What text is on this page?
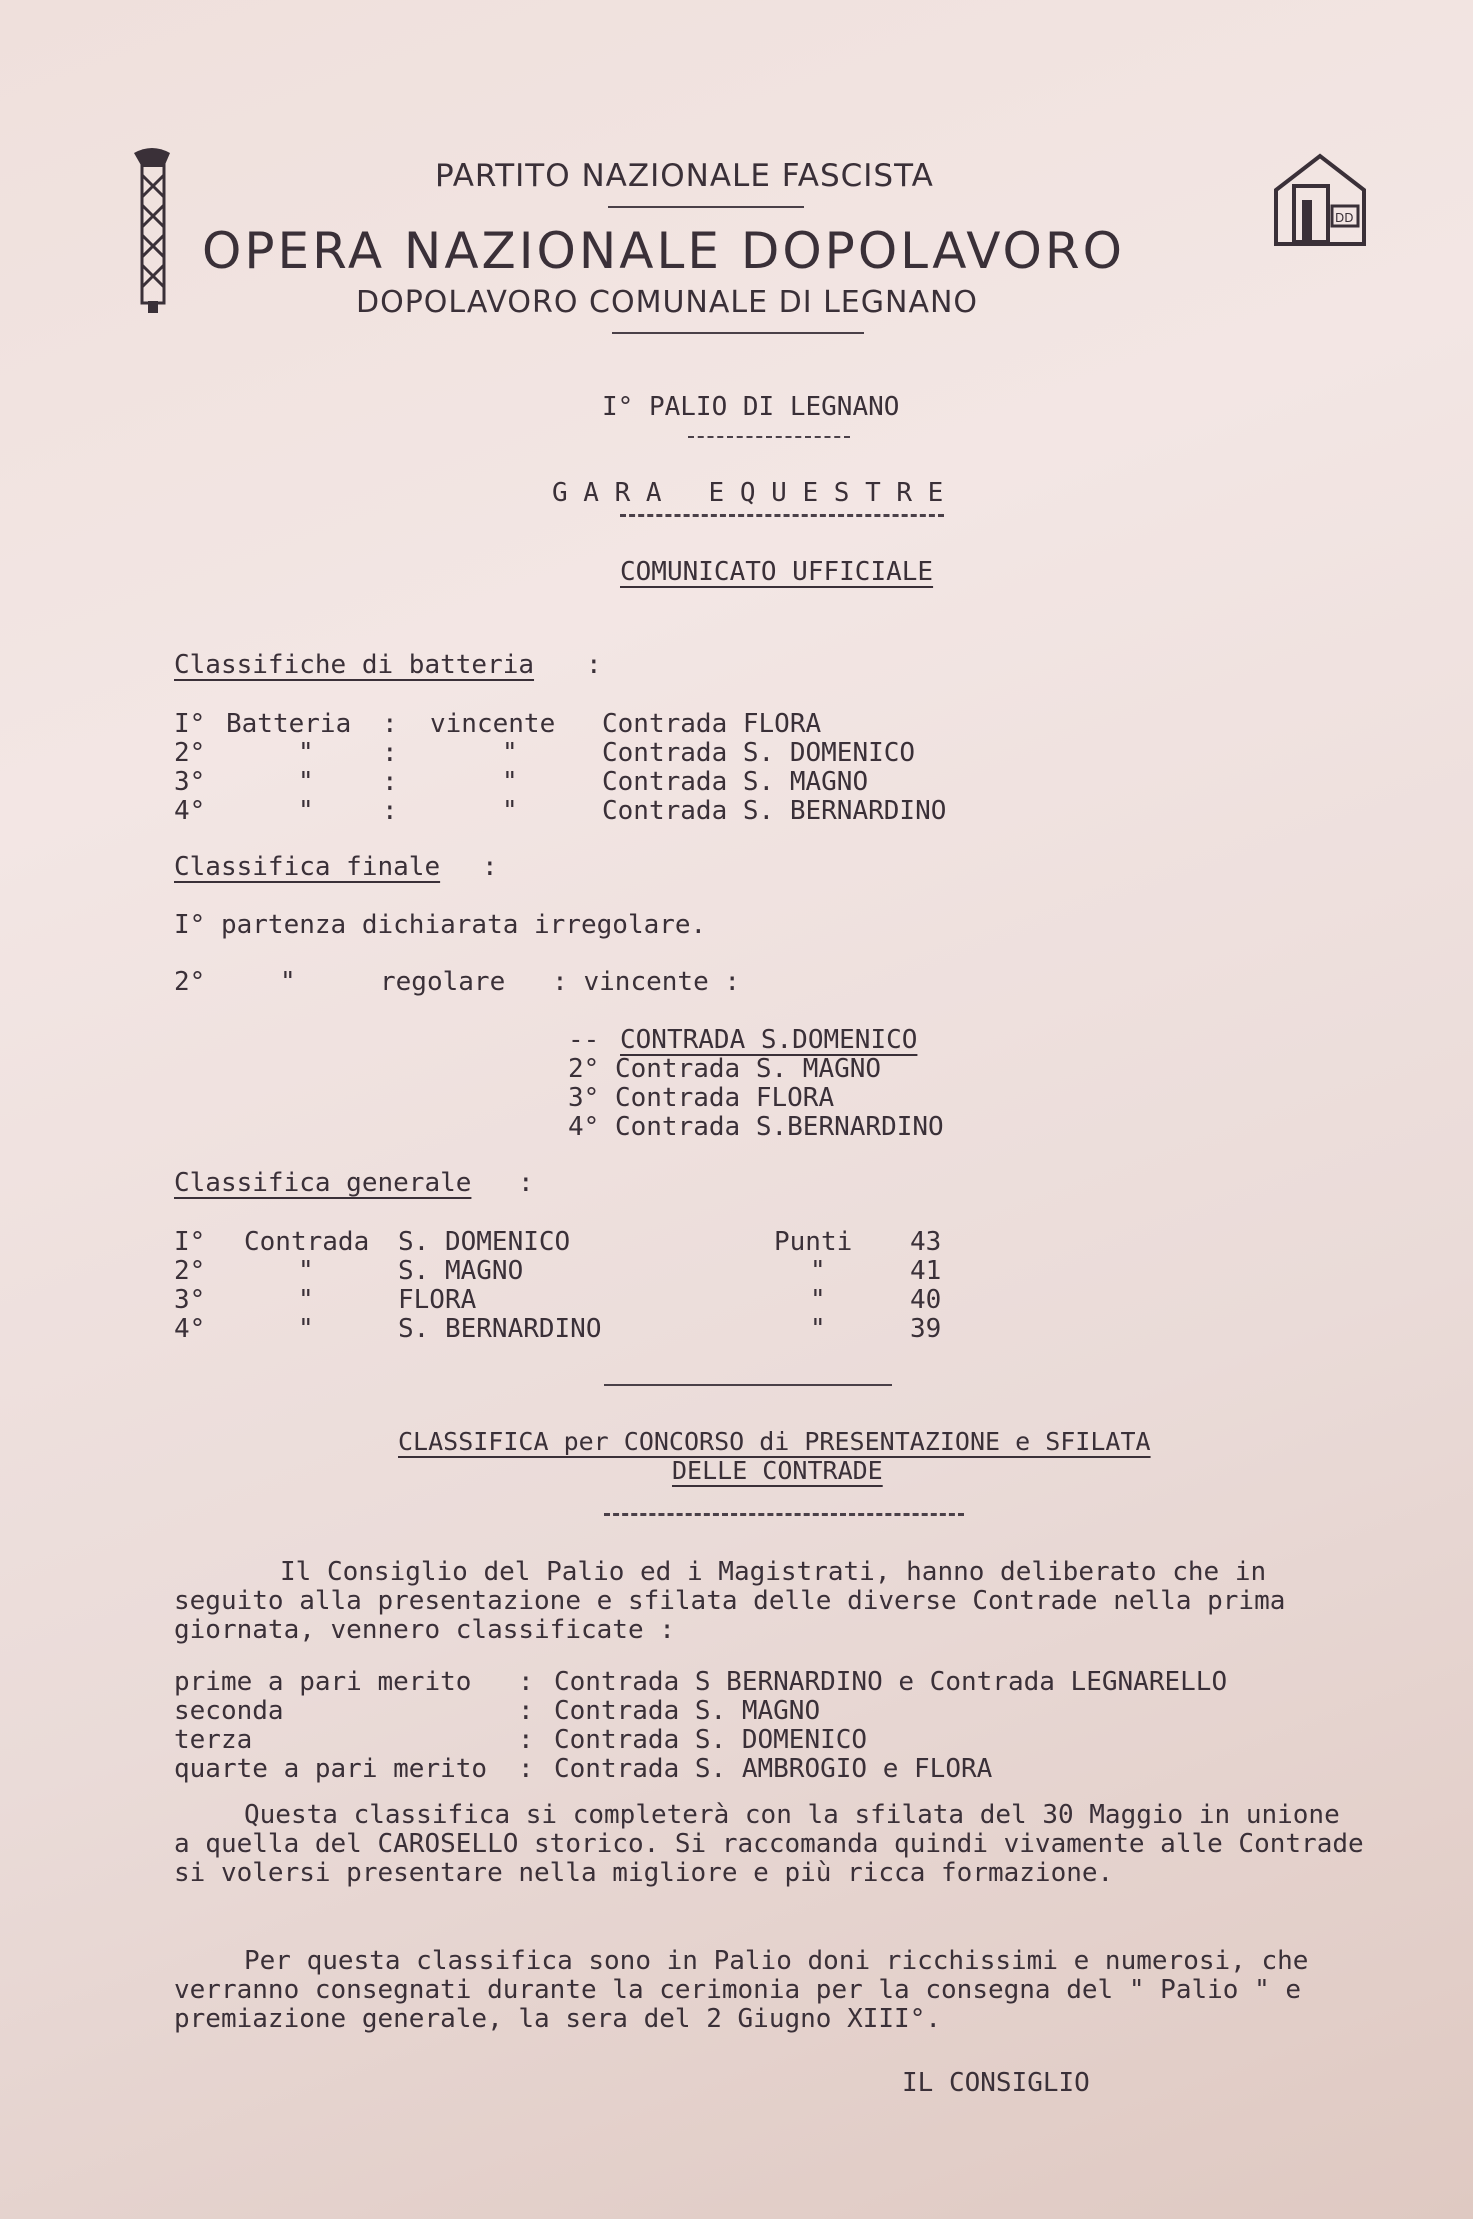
DD
PARTITO NAZIONALE FASCISTA
OPERA NAZIONALE DOPOLAVORO
DOPOLAVORO COMUNALE DI LEGNANO
I° PALIO DI LEGNANO
G A R A   E Q U E S T R E
COMUNICATO UFFICIALE
Classifiche di batteria :
I° Batteria : vincente Contrada FLORA
2°	"	:	"	Contrada S. DOMENICO
3°	"	:	"	Contrada S. MAGNO
4°	"	:	"	Contrada S. BERNARDINO
Classifica finale :
I° partenza dichiarata irregolare.
2°	"	regolare   : vincente :
-- CONTRADA S.DOMENICO
2° Contrada S. MAGNO
3° Contrada FLORA
4° Contrada S.BERNARDINO
Classifica generale :
I° Contrada S. DOMENICO	Punti 43
2°	"	S. MAGNO	"	41
3°	"	FLORA	"	40
4°	"	S. BERNARDINO	"	39
CLASSIFICA per CONCORSO di PRESENTAZIONE e SFILATA
DELLE CONTRADE
Il Consiglio del Palio ed i Magistrati, hanno deliberato che in seguito alla presentazione e sfilata delle diverse Contrade nella prima giornata, vennero classificate :
prime a pari merito : Contrada S BERNARDINO e Contrada LEGNARELLO
seconda	: Contrada S. MAGNO
terza	: Contrada S. DOMENICO
quarte a pari merito : Contrada S. AMBROGIO e FLORA
Questa classifica si completerà con la sfilata del 30 Maggio in unione a quella del CAROSELLO storico. Si raccomanda quindi vivamente alle Contrade si volersi presentare nella migliore e più ricca formazione.
Per questa classifica sono in Palio doni ricchissimi e numerosi, che verranno consegnati durante la cerimonia per la consegna del " Palio " e premiazione generale, la sera del 2 Giugno XIII°.
IL CONSIGLIO
